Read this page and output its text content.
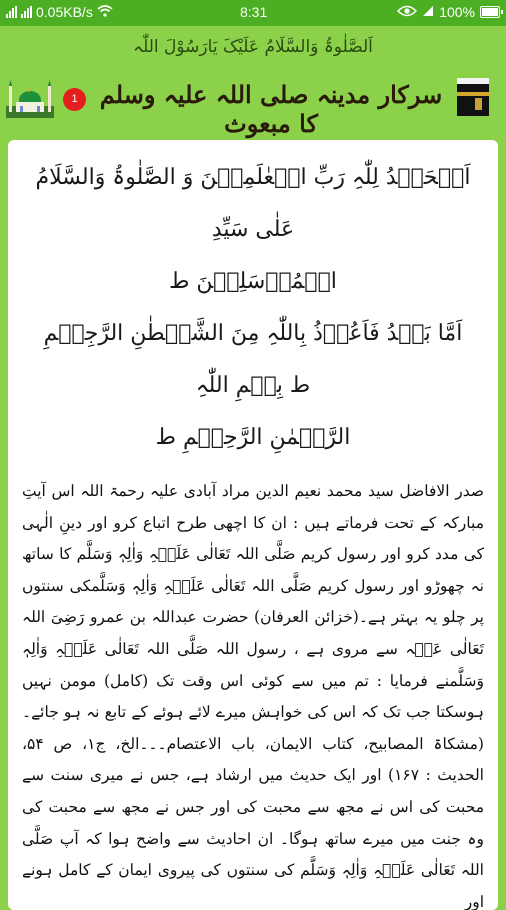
0.05KB/s	8:31	100%
اَلصَّلٰوۃُ وَالسَّلَامُ عَلَیْکَ یَارَسُوْلَ اللّٰہ
سرکار مدینہ صلی اللہ علیہ وسلم کا مبعوث
1

اَلۡحَمۡدُ لِلّٰہِ رَبِّ الۡعٰلَمِیۡنَ وَ الصَّلٰوۃُ وَالسَّلَامُ عَلٰی سَیِّدِ

الۡمُرۡسَلِیۡنَ ط

اَمَّا بَعۡدُ فَاَعُوۡذُ بِاللّٰہِ مِنَ الشَّیۡطٰنِ الرَّجِیۡمِ ط بِسۡمِ اللّٰہِ

الرَّحۡمٰنِ الرَّحِیۡمِ ط

صدر الافاضل سید محمد نعیم الدین مراد آبادی علیہ رحمۃ اللہ اس آیتِ مبارکہ کے تحت فرماتے ہیں : ان کا اچھی طرح اتباع کرو اور دینِ الٰہی کی مدد کرو اور رسول کریم صَلَّی اللہ تَعَالٰی عَلَیۡہِ وَاٰلِہٖ وَسَلَّم کا ساتھ نہ چھوڑو اور رسول کریم صَلَّی اللہ تَعَالٰی عَلَیۡہِ وَاٰلِہٖ وَسَلَّمکی سنتوں پر چلو یہ بہتر ہے۔(خزائن العرفان) حضرت عبداللہ بن عمرو رَضِیَ اللہ تَعَالٰی عَنۡہ سے مروی ہے ، رسول اللہ صَلَّی اللہ تَعَالٰی عَلَیۡہِ وَاٰلِہٖ وَسَلَّمنے فرمایا : تم میں سے کوئی اس وقت تک (کامل) مومن نہیں ہوسکتا جب تک کہ اس کی خواہش میرے لائے ہوئے کے تابع نہ ہو جائے۔ (مشکاۃ المصابیح، کتاب الایمان، باب الاعتصام۔۔۔الخ، ج۱، ص ۵۴، الحدیث : ۱۶۷) اور ایک حدیث میں ارشاد ہے، جس نے میری سنت سے محبت کی اس نے مجھ سے محبت کی اور جس نے مجھ سے محبت کی وہ جنت میں میرے ساتھ ہوگا۔ ان احادیث سے واضح ہوا کہ آپ صَلَّی اللہ تَعَالٰی عَلَیۡہِ وَاٰلِہٖ وَسَلَّم کی سنتوں کی پیروی ایمان کے کامل ہونے اور
